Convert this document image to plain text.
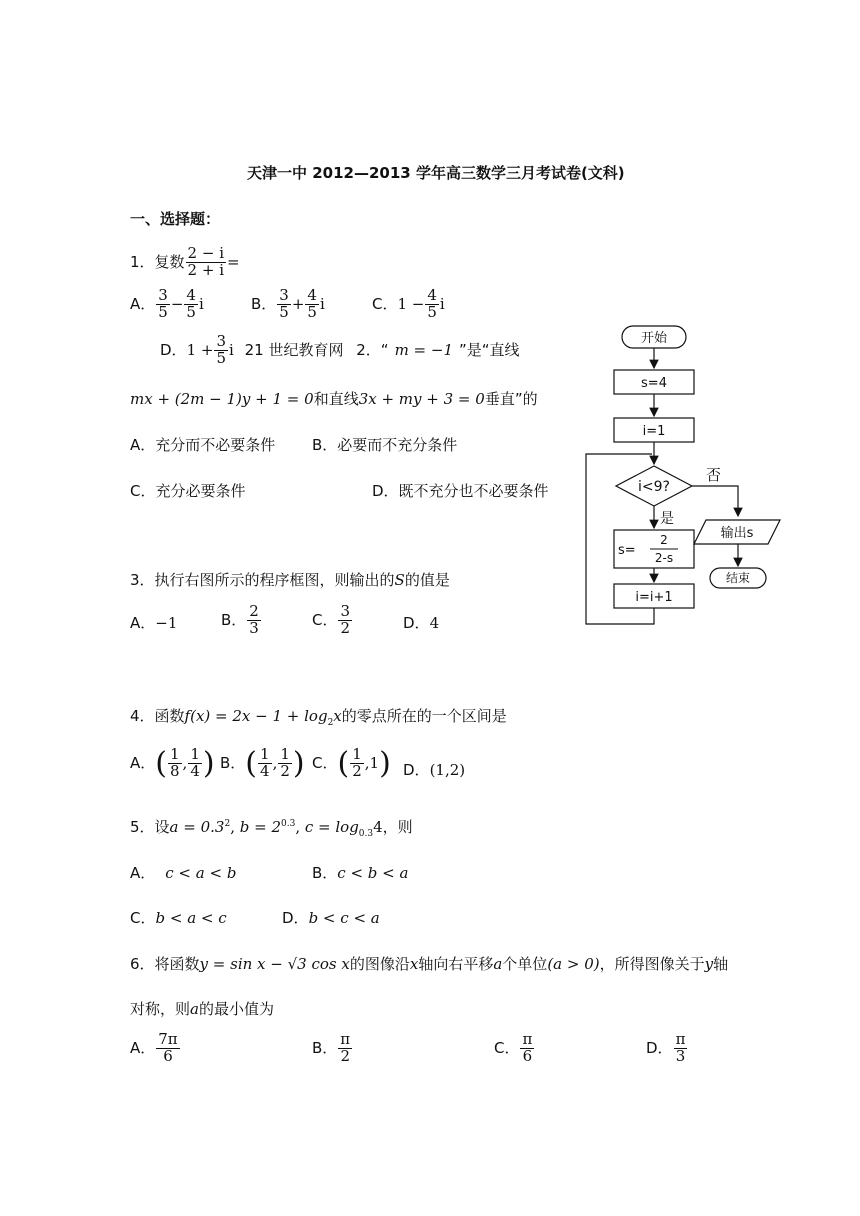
天津一中 2012—2013 学年高三数学三月考试卷(文科)
一、选择题：
1．复数 $\frac{2 - i}{2 + i}$ =
A． $\frac{3}{5} - \frac{4}{5}$ i	B． $\frac{3}{5} + \frac{4}{5}$ i	C．$1 - \frac{4}{5}$ i
D．$1 + \frac{3}{5}$ i 21 世纪教育网 2．“ m = −1 ”是“直线
mx + (2m − 1)y + 1 = 0和直线3x + my + 3 = 0垂直”的
A．充分而不必要条件 B．必要而不充分条件
C．充分必要条件	D．既不充分也不必要条件
3．执行右图所示的程序框图，则输出的S的值是
A．−1	B． $\frac{2}{3}$	C． $\frac{3}{2}$	D．4
开始
s=4
i=1
i<9?
否
是
s=
2
2-s
输出s
结束
i=i+1
4．函数$f(x) = 2x - 1 + \log_2x$的零点所在的一个区间是
A．( $\frac{1}{8}$ , $\frac{1}{4}$ ) B．( $\frac{1}{4}$ , $\frac{1}{2}$ ) C．( $\frac{1}{2} ,1$) D．(1,2)
5．设$a = 0.3^2$, $b = 2^{0.3}$, $c = \log_{0.3}4$，则
A． c < a < b	B．c < b < a
C．b < a < c	D．b < c < a
6．将函数y = sin x − √3 cos x的图像沿x轴向右平移a个单位(a > 0)，所得图像关于y轴
对称，则a的最小值为
A． $\frac{7\pi}{6}$	B． $\frac{\pi}{2}$	C． $\frac{\pi}{6}$	D． $\frac{\pi}{3}$
